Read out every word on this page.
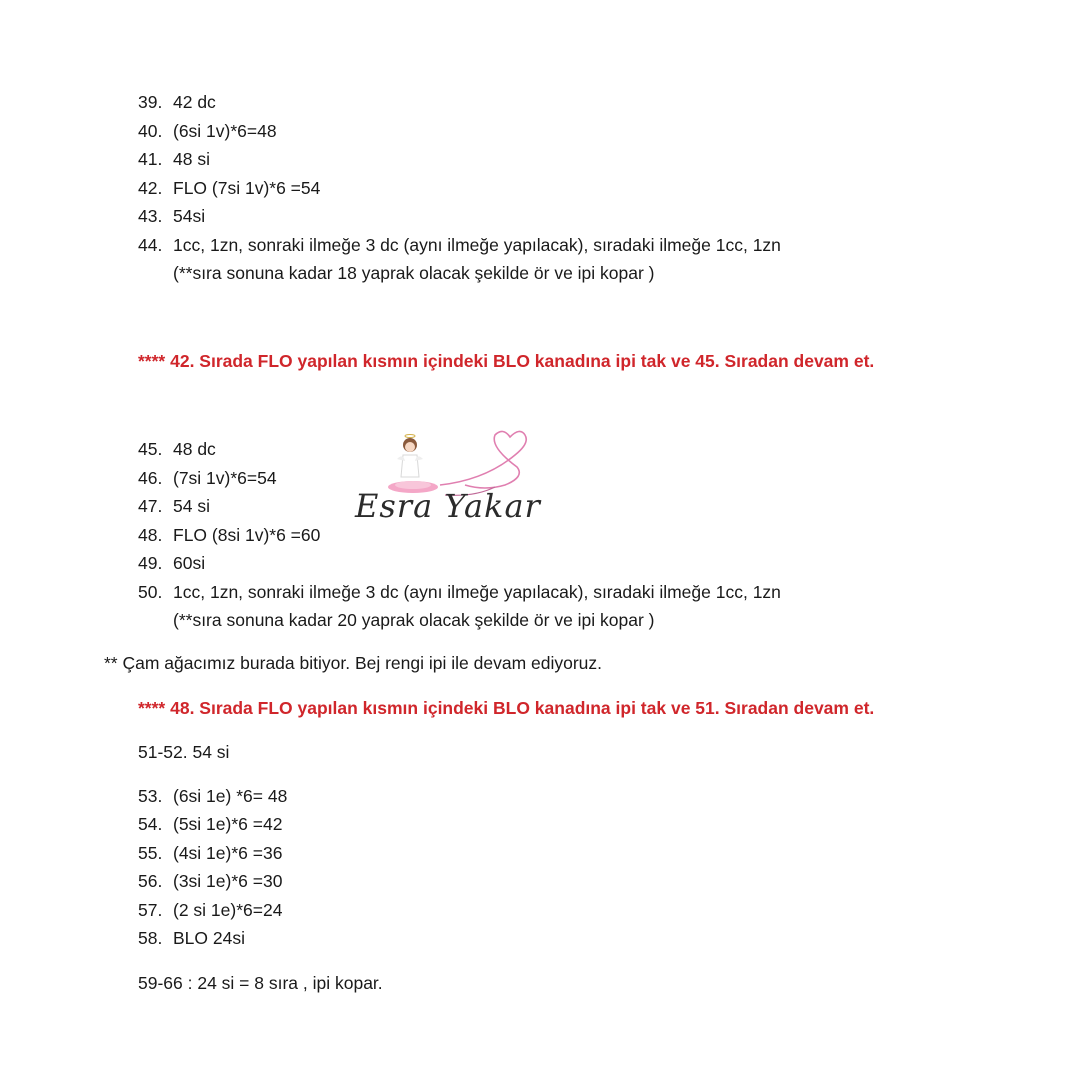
39. 42 dc
40. (6si 1v)*6=48
41. 48 si
42. FLO (7si 1v)*6 =54
43. 54si
44. 1cc, 1zn, sonraki ilmeğe 3 dc (aynı ilmeğe yapılacak), sıradaki ilmeğe 1cc, 1zn
(**sıra sonuna kadar 18 yaprak olacak şekilde ör ve ipi kopar )
**** 42. Sırada FLO yapılan kısmın içindeki BLO kanadına ipi tak ve 45. Sıradan devam et.
45. 48 dc
46. (7si 1v)*6=54
47. 54 si
48. FLO (8si 1v)*6 =60
49. 60si
50. 1cc, 1zn, sonraki ilmeğe 3 dc (aynı ilmeğe yapılacak), sıradaki ilmeğe 1cc, 1zn
(**sıra sonuna kadar 20 yaprak olacak şekilde ör ve ipi kopar )
** Çam ağacımız burada bitiyor. Bej rengi ipi ile devam ediyoruz.
**** 48. Sırada FLO yapılan kısmın içindeki BLO kanadına ipi tak ve 51. Sıradan devam et.
51-52. 54 si
53. (6si 1e) *6= 48
54. (5si 1e)*6 =42
55. (4si 1e)*6 =36
56. (3si 1e)*6 =30
57. (2 si 1e)*6=24
58. BLO 24si
59-66 : 24 si = 8 sıra , ipi kopar.
Esra Yakar
